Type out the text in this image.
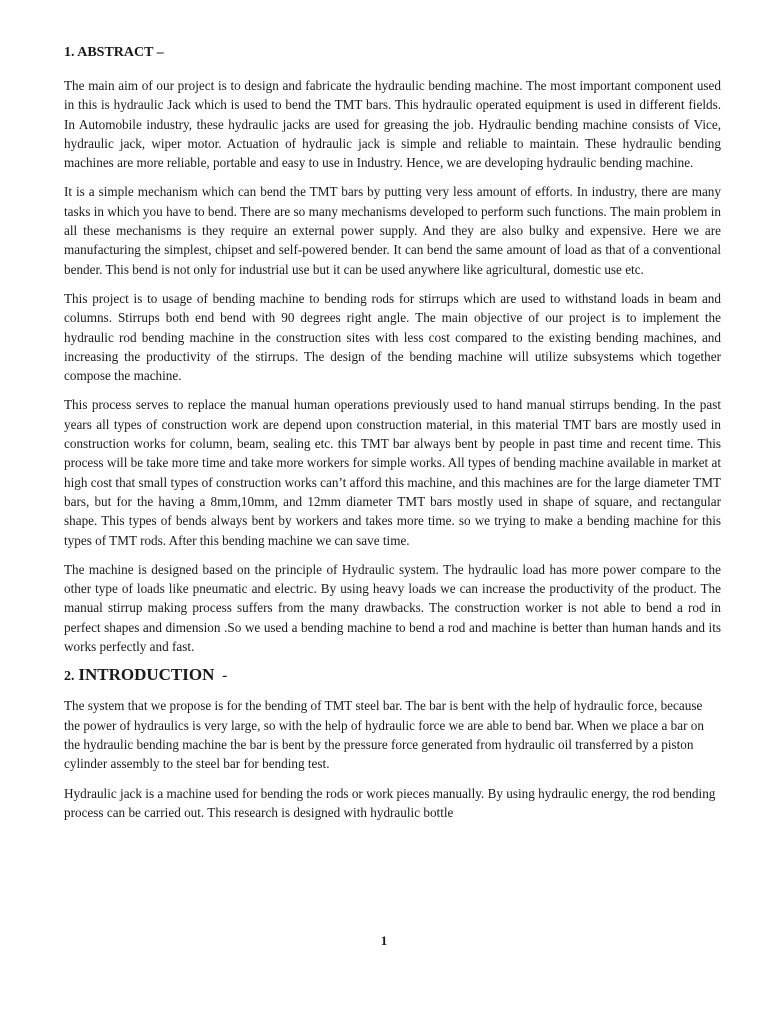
1. ABSTRACT –

The main aim of our project is to design and fabricate the hydraulic bending machine. The most important component used in this is hydraulic Jack which is used to bend the TMT bars. This hydraulic operated equipment is used in different fields. In Automobile industry, these hydraulic jacks are used for greasing the job. Hydraulic bending machine consists of Vice, hydraulic jack, wiper motor. Actuation of hydraulic jack is simple and reliable to maintain. These hydraulic bending machines are more reliable, portable and easy to use in Industry. Hence, we are developing hydraulic bending machine.

It is a simple mechanism which can bend the TMT bars by putting very less amount of efforts. In industry, there are many tasks in which you have to bend. There are so many mechanisms developed to perform such functions. The main problem in all these mechanisms is they require an external power supply. And they are also bulky and expensive. Here we are manufacturing the simplest, chipset and self-powered bender. It can bend the same amount of load as that of a conventional bender. This bend is not only for industrial use but it can be used anywhere like agricultural, domestic use etc.

This project is to usage of bending machine to bending rods for stirrups which are used to withstand loads in beam and columns. Stirrups both end bend with 90 degrees right angle. The main objective of our project is to implement the hydraulic rod bending machine in the construction sites with less cost compared to the existing bending machines, and increasing the productivity of the stirrups. The design of the bending machine will utilize subsystems which together compose the machine.

This process serves to replace the manual human operations previously used to hand manual stirrups bending. In the past years all types of construction work are depend upon construction material, in this material TMT bars are mostly used in construction works for column, beam, sealing etc. this TMT bar always bent by people in past time and recent time. This process will be take more time and take more workers for simple works. All types of bending machine available in market at high cost that small types of construction works can’t afford this machine, and this machines are for the large diameter TMT bars, but for the having a 8mm,10mm, and 12mm diameter TMT bars mostly used in shape of square, and rectangular shape. This types of bends always bent by workers and takes more time. so we trying to make a bending machine for this types of TMT rods. After this bending machine we can save time.

The machine is designed based on the principle of Hydraulic system. The hydraulic load has more power compare to the other type of loads like pneumatic and electric. By using heavy loads we can increase the productivity of the product. The manual stirrup making process suffers from the many drawbacks. The construction worker is not able to bend a rod in perfect shapes and dimension .So we used a bending machine to bend a rod and machine is better than human hands and its works perfectly and fast.

2. INTRODUCTION -

The system that we propose is for the bending of TMT steel bar. The bar is bent with the help of hydraulic force, because the power of hydraulics is very large, so with the help of hydraulic force we are able to bend bar. When we place a bar on the hydraulic bending machine the bar is bent by the pressure force generated from hydraulic oil transferred by a piston cylinder assembly to the steel bar for bending test.

Hydraulic jack is a machine used for bending the rods or work pieces manually. By using hydraulic energy, the rod bending process can be carried out. This research is designed with hydraulic bottle

1
